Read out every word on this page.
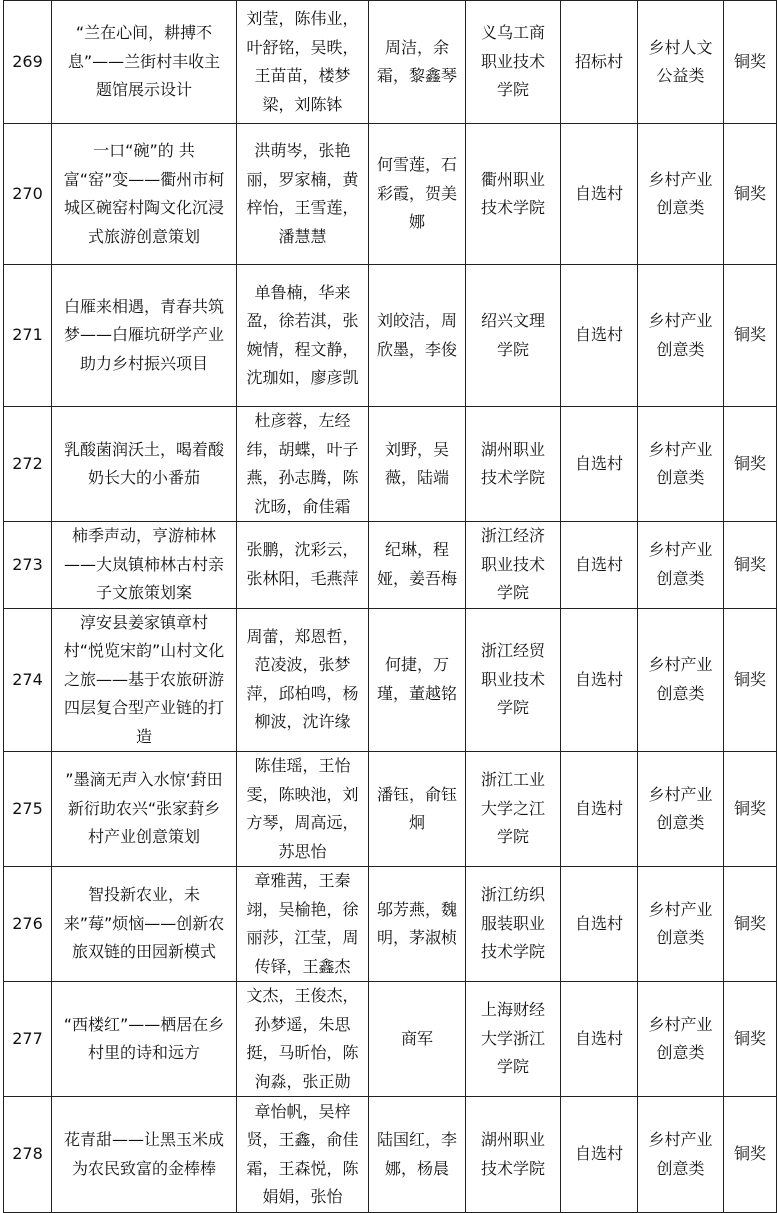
269	“兰在心间，耕搏不息”——兰街村丰收主题馆展示设计	刘莹，陈伟业，叶舒铭，吴昳，王苗苗，楼梦梁，刘陈钵	周洁，余霜，黎鑫琴	义乌工商职业技术学院	招标村	乡村人文公益类	铜奖
270	一口“碗”的 共富“窑”变——衢州市柯城区碗窑村陶文化沉浸式旅游创意策划	洪萌岑，张艳丽，罗家楠，黄梓怡，王雪莲，潘慧慧	何雪莲，石彩霞，贺美娜	衢州职业技术学院	自选村	乡村产业创意类	铜奖
271	白雁来相遇，青春共筑梦——白雁坑研学产业助力乡村振兴项目	单鲁楠，华来盈，徐若淇，张婉情，程文静，沈珈如，廖彦凯	刘皎洁，周欣墨，李俊	绍兴文理学院	自选村	乡村产业创意类	铜奖
272	乳酸菌润沃土，喝着酸奶长大的小番茄	杜彦蓉，左经纬，胡蝶，叶子燕，孙志腾，陈沈旸，俞佳霜	刘野，吴薇，陆端	湖州职业技术学院	自选村	乡村产业创意类	铜奖
273	柿季声动，亨游柿林——大岚镇柿林古村亲子文旅策划案	张鹏，沈彩云，张林阳，毛燕萍	纪琳，程娅，姜吾梅	浙江经济职业技术学院	自选村	乡村产业创意类	铜奖
274	淳安县姜家镇章村村“悦览宋韵”山村文化之旅——基于农旅研游四层复合型产业链的打造	周蕾，郑恩哲，范凌波，张梦萍，邱柏鸣，杨柳波，沈许缘	何捷，万瑾，董越铭	浙江经贸职业技术学院	自选村	乡村产业创意类	铜奖
275	”墨滴无声入水惊‘葑田新衍助农兴“张家葑乡村产业创意策划	陈佳瑶，王怡雯，陈映池，刘方琴，周高远，苏思怡	潘钰，俞钰炯	浙江工业大学之江学院	自选村	乡村产业创意类	铜奖
276	智投新农业，未来”莓”烦恼——创新农旅双链的田园新模式	章雅茜，王秦翊，吴榆艳，徐丽莎，江莹，周传铎，王鑫杰	邬芳燕，魏明，茅淑桢	浙江纺织服装职业技术学院	自选村	乡村产业创意类	铜奖
277	“西楼红”——栖居在乡村里的诗和远方	文杰，王俊杰，孙梦遥，朱思挺，马昕怡，陈洵淼，张正勋	商军	上海财经大学浙江学院	自选村	乡村产业创意类	铜奖
278	花青甜——让黑玉米成为农民致富的金棒棒	章怡帆，吴梓贤，王鑫，俞佳霜，王森悦，陈娟娟，张怡	陆国红，李娜，杨晨	湖州职业技术学院	自选村	乡村产业创意类	铜奖
